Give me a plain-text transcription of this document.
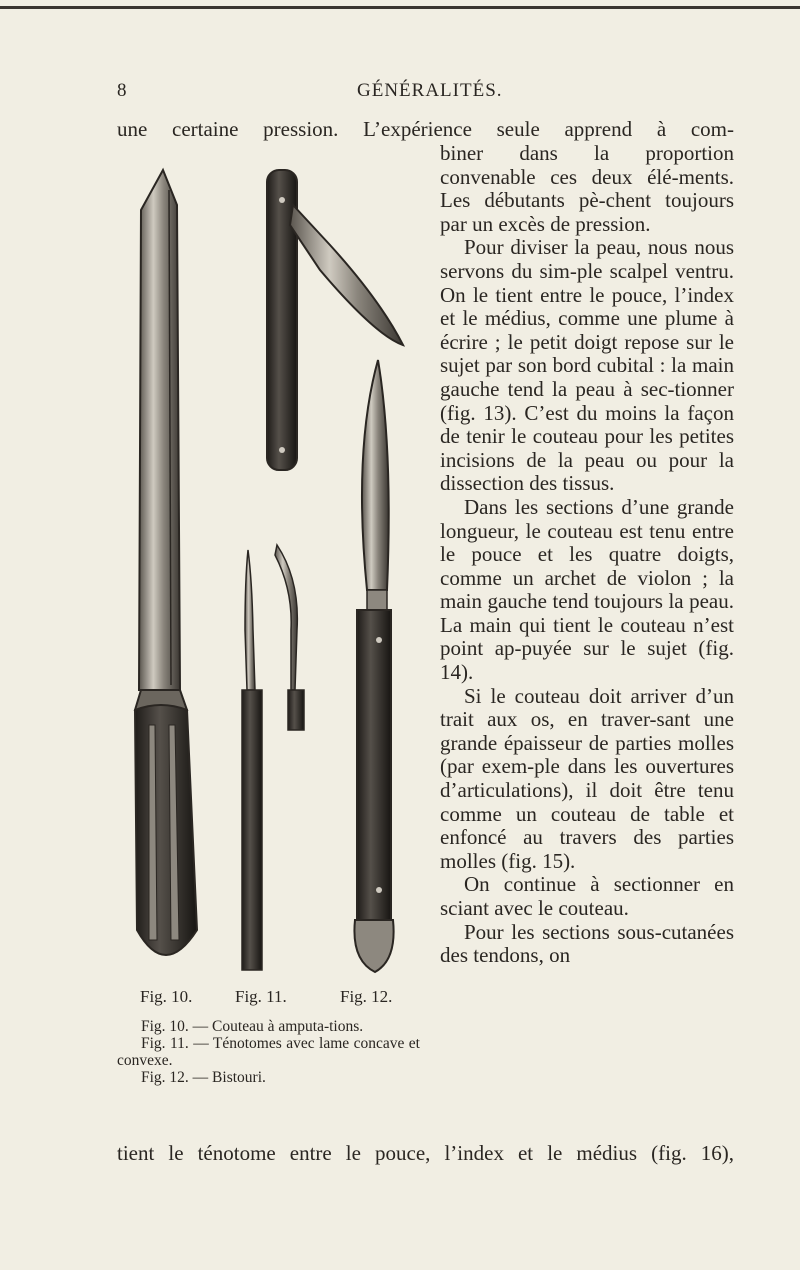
8	GÉNÉRALITÉS.

une certaine pression. L’expérience seule apprend à com-

biner dans la proportion convenable ces deux élé-ments. Les débutants pè-chent toujours par un excès de pression.

Pour diviser la peau, nous nous servons du sim-ple scalpel ventru. On le tient entre le pouce, l’index et le médius, comme une plume à écrire ; le petit doigt repose sur le sujet par son bord cubital : la main gauche tend la peau à sec-tionner (fig. 13). C’est du moins la façon de tenir le couteau pour les petites incisions de la peau ou pour la dissection des tissus.

Dans les sections d’une grande longueur, le couteau est tenu entre le pouce et les quatre doigts, comme un archet de violon ; la main gauche tend toujours la peau. La main qui tient le couteau n’est point ap-puyée sur le sujet (fig. 14).

Si le couteau doit arriver d’un trait aux os, en traver-sant une grande épaisseur de parties molles (par exem-ple dans les ouvertures d’articulations), il doit être tenu comme un couteau de table et enfoncé au travers des parties molles (fig. 15).

On continue à sectionner en sciant avec le couteau.

Pour les sections sous-cutanées des tendons, on

Fig. 10.	Fig. 11.	Fig. 12.

Fig. 10. — Couteau à amputa-tions.

Fig. 11. — Ténotomes avec lame concave et convexe.

Fig. 12. — Bistouri.

tient le ténotome entre le pouce, l’index et le médius (fig. 16),
